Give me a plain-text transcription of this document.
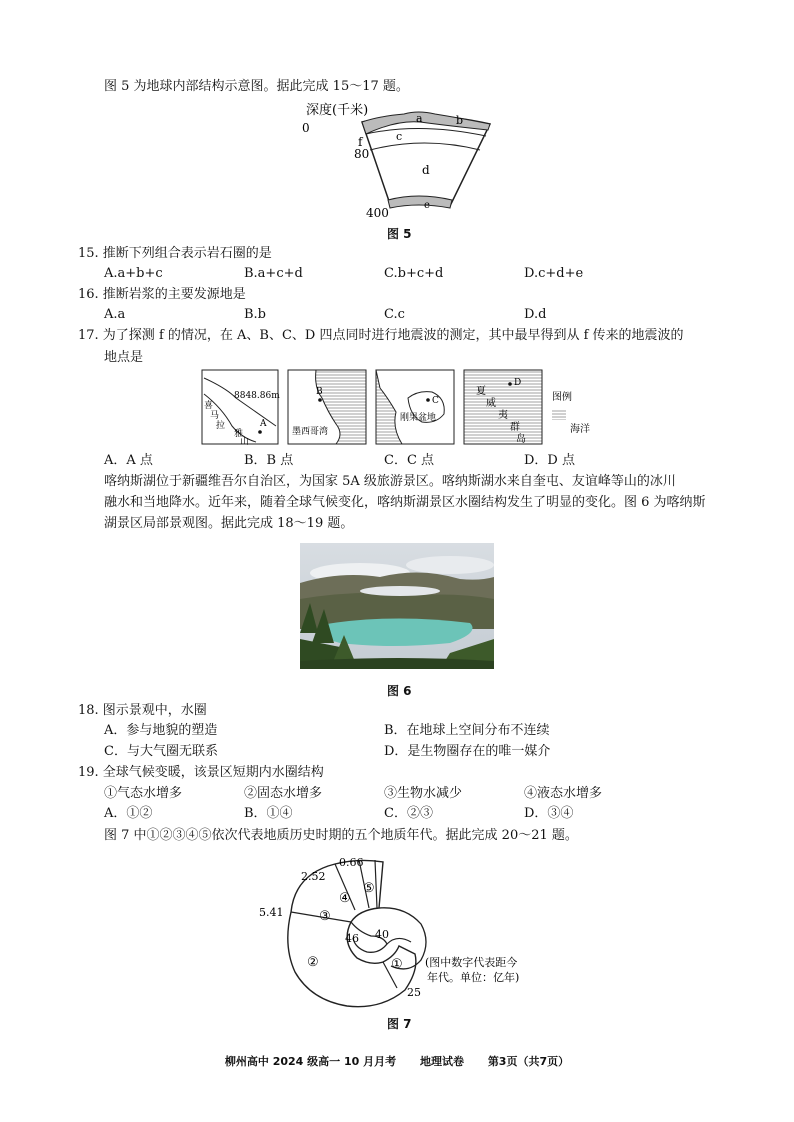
图 5 为地球内部结构示意图。据此完成 15～17 题。
深度(千米)
0
f
80
400
a	b
c
d
e
图 5
15. 推断下列组合表示岩石圈的是
A.a+b+c	B.a+c+d	C.b+c+d	D.c+d+e
16. 推断岩浆的主要发源地是
A.a	B.b	C.c	D.d
17. 为了探测 f 的情况，在 A、B、C、D 四点同时进行地震波的测定，其中最早得到从 f 传来的地震波的
地点是
8848.86m
喜
马
拉
雅
山
A
B
墨西哥湾
C
刚果盆地
D
夏
威
夷
群
岛
图例
海洋
A．A 点	B．B 点	C．C 点	D．D 点
喀纳斯湖位于新疆维吾尔自治区，为国家 5A 级旅游景区。喀纳斯湖水来自奎屯、友谊峰等山的冰川
融水和当地降水。近年来，随着全球气候变化，喀纳斯湖景区水圈结构发生了明显的变化。图 6 为喀纳斯
湖景区局部景观图。据此完成 18～19 题。
图 6
18. 图示景观中，水圈
A．参与地貌的塑造	B．在地球上空间分布不连续
C．与大气圈无联系	D．是生物圈存在的唯一媒介
19. 全球气候变暖，该景区短期内水圈结构
①气态水增多	②固态水增多	③生物水减少	④液态水增多
A．①②	B．①④	C．②③	D．③④
图 7 中①②③④⑤依次代表地质历史时期的五个地质年代。据此完成 20～21 题。
2.52
0.66
5.41
46 40
25
②
③
④
⑤
① (图中数字代表距今
年代。单位：亿年)
图 7
柳州高中 2024 级高一 10 月月考 地理试卷 第3页（共7页）
